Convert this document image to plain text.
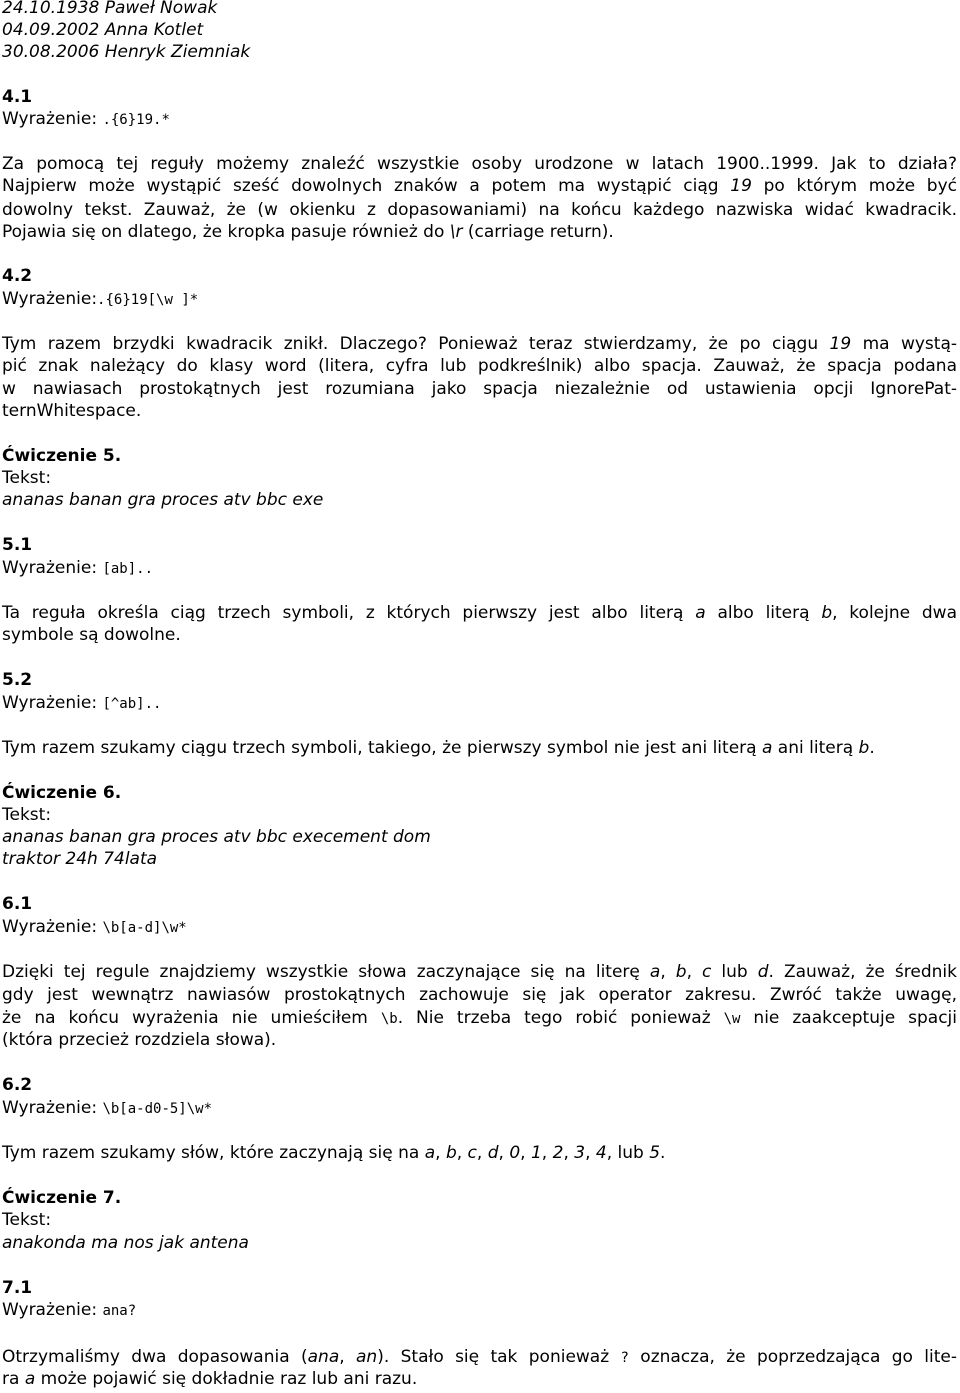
24.10.1938 Paweł Nowak
04.09.2002 Anna Kotlet
30.08.2006 Henryk Ziemniak
4.1
Wyrażenie: .{6}19.*
Za pomocą tej reguły możemy znaleźć wszystkie osoby urodzone w latach 1900..1999. Jak to działa?
Najpierw może wystąpić sześć dowolnych znaków a potem ma wystąpić ciąg 19 po którym może być
dowolny tekst. Zauważ, że (w okienku z dopasowaniami) na końcu każdego nazwiska widać kwadracik.
Pojawia się on dlatego, że kropka pasuje również do \r (carriage return).
4.2
Wyrażenie:.{6}19[\w ]*
Tym razem brzydki kwadracik znikł. Dlaczego? Ponieważ teraz stwierdzamy, że po ciągu 19 ma wystą-
pić znak należący do klasy word (litera, cyfra lub podkreślnik) albo spacja. Zauważ, że spacja podana
w nawiasach prostokątnych jest rozumiana jako spacja niezależnie od ustawienia opcji IgnorePat-
ternWhitespace.
Ćwiczenie 5.
Tekst:
ananas banan gra proces atv bbc exe
5.1
Wyrażenie: [ab]..
Ta reguła określa ciąg trzech symboli, z których pierwszy jest albo literą a albo literą b, kolejne dwa
symbole są dowolne.
5.2
Wyrażenie: [^ab]..
Tym razem szukamy ciągu trzech symboli, takiego, że pierwszy symbol nie jest ani literą a ani literą b.
Ćwiczenie 6.
Tekst:
ananas banan gra proces atv bbc execement dom
traktor 24h 74lata
6.1
Wyrażenie: \b[a-d]\w*
Dzięki tej regule znajdziemy wszystkie słowa zaczynające się na literę a, b, c lub d. Zauważ, że średnik
gdy jest wewnątrz nawiasów prostokątnych zachowuje się jak operator zakresu. Zwróć także uwagę,
że na końcu wyrażenia nie umieściłem \b. Nie trzeba tego robić ponieważ \w nie zaakceptuje spacji
(która przecież rozdziela słowa).
6.2
Wyrażenie: \b[a-d0-5]\w*
Tym razem szukamy słów, które zaczynają się na a, b, c, d, 0, 1, 2, 3, 4, lub 5.
Ćwiczenie 7.
Tekst:
anakonda ma nos jak antena
7.1
Wyrażenie: ana?
Otrzymaliśmy dwa dopasowania (ana, an). Stało się tak ponieważ ? oznacza, że poprzedzająca go lite-
ra a może pojawić się dokładnie raz lub ani razu.
